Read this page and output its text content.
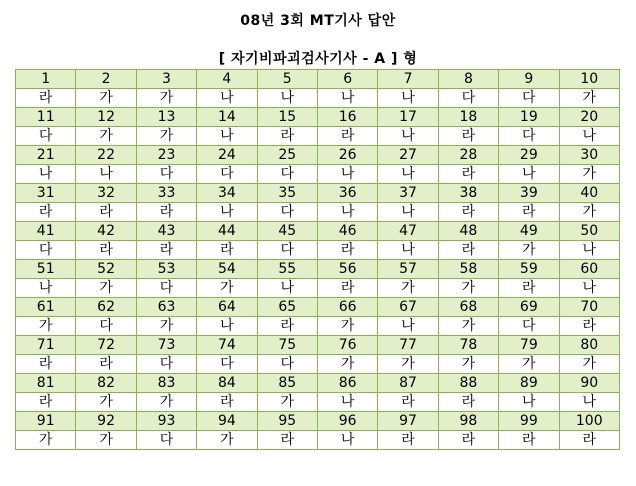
08년 3회 MT기사 답안
[ 자기비파괴검사기사 - A ] 형
1	2	3	4	5	6	7	8	9	10
라	가	가	나	나	나	나	다	다	가
11	12	13	14	15	16	17	18	19	20
다	가	가	나	라	라	나	라	다	나
21	22	23	24	25	26	27	28	29	30
나	나	다	다	다	나	나	라	나	가
31	32	33	34	35	36	37	38	39	40
라	라	라	나	다	나	나	라	라	가
41	42	43	44	45	46	47	48	49	50
다	라	라	라	다	라	나	라	가	나
51	52	53	54	55	56	57	58	59	60
나	가	다	가	나	라	가	가	라	나
61	62	63	64	65	66	67	68	69	70
가	다	가	나	라	가	나	가	다	라
71	72	73	74	75	76	77	78	79	80
라	라	다	다	다	가	가	가	가	가
81	82	83	84	85	86	87	88	89	90
라	가	가	라	가	나	라	라	나	나
91	92	93	94	95	96	97	98	99	100
가	가	다	가	라	나	라	라	라	라
